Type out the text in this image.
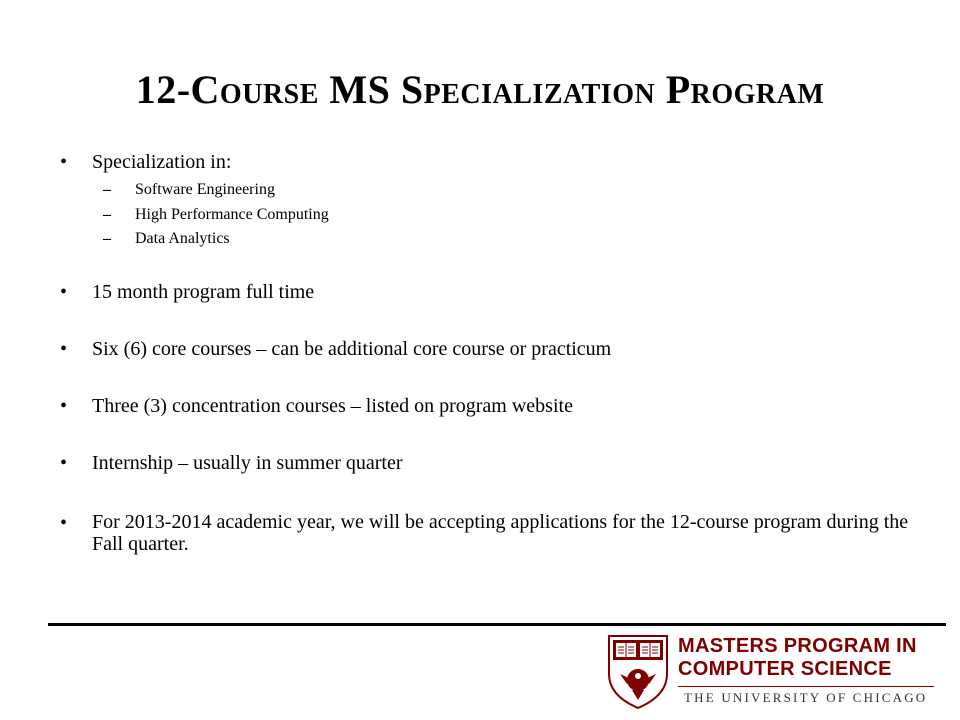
12-Course MS Specialization Program
•	Specialization in:
– Software Engineering
– High Performance Computing
– Data Analytics
•	15 month program full time
•	Six (6) core courses – can be additional core course or practicum
•	Three (3) concentration courses – listed on program website
•	Internship – usually in summer quarter
•	For 2013-2014 academic year, we will be accepting applications for the 12-course program during the Fall quarter.
MASTERS PROGRAM IN
COMPUTER SCIENCE
THE UNIVERSITY OF CHICAGO
